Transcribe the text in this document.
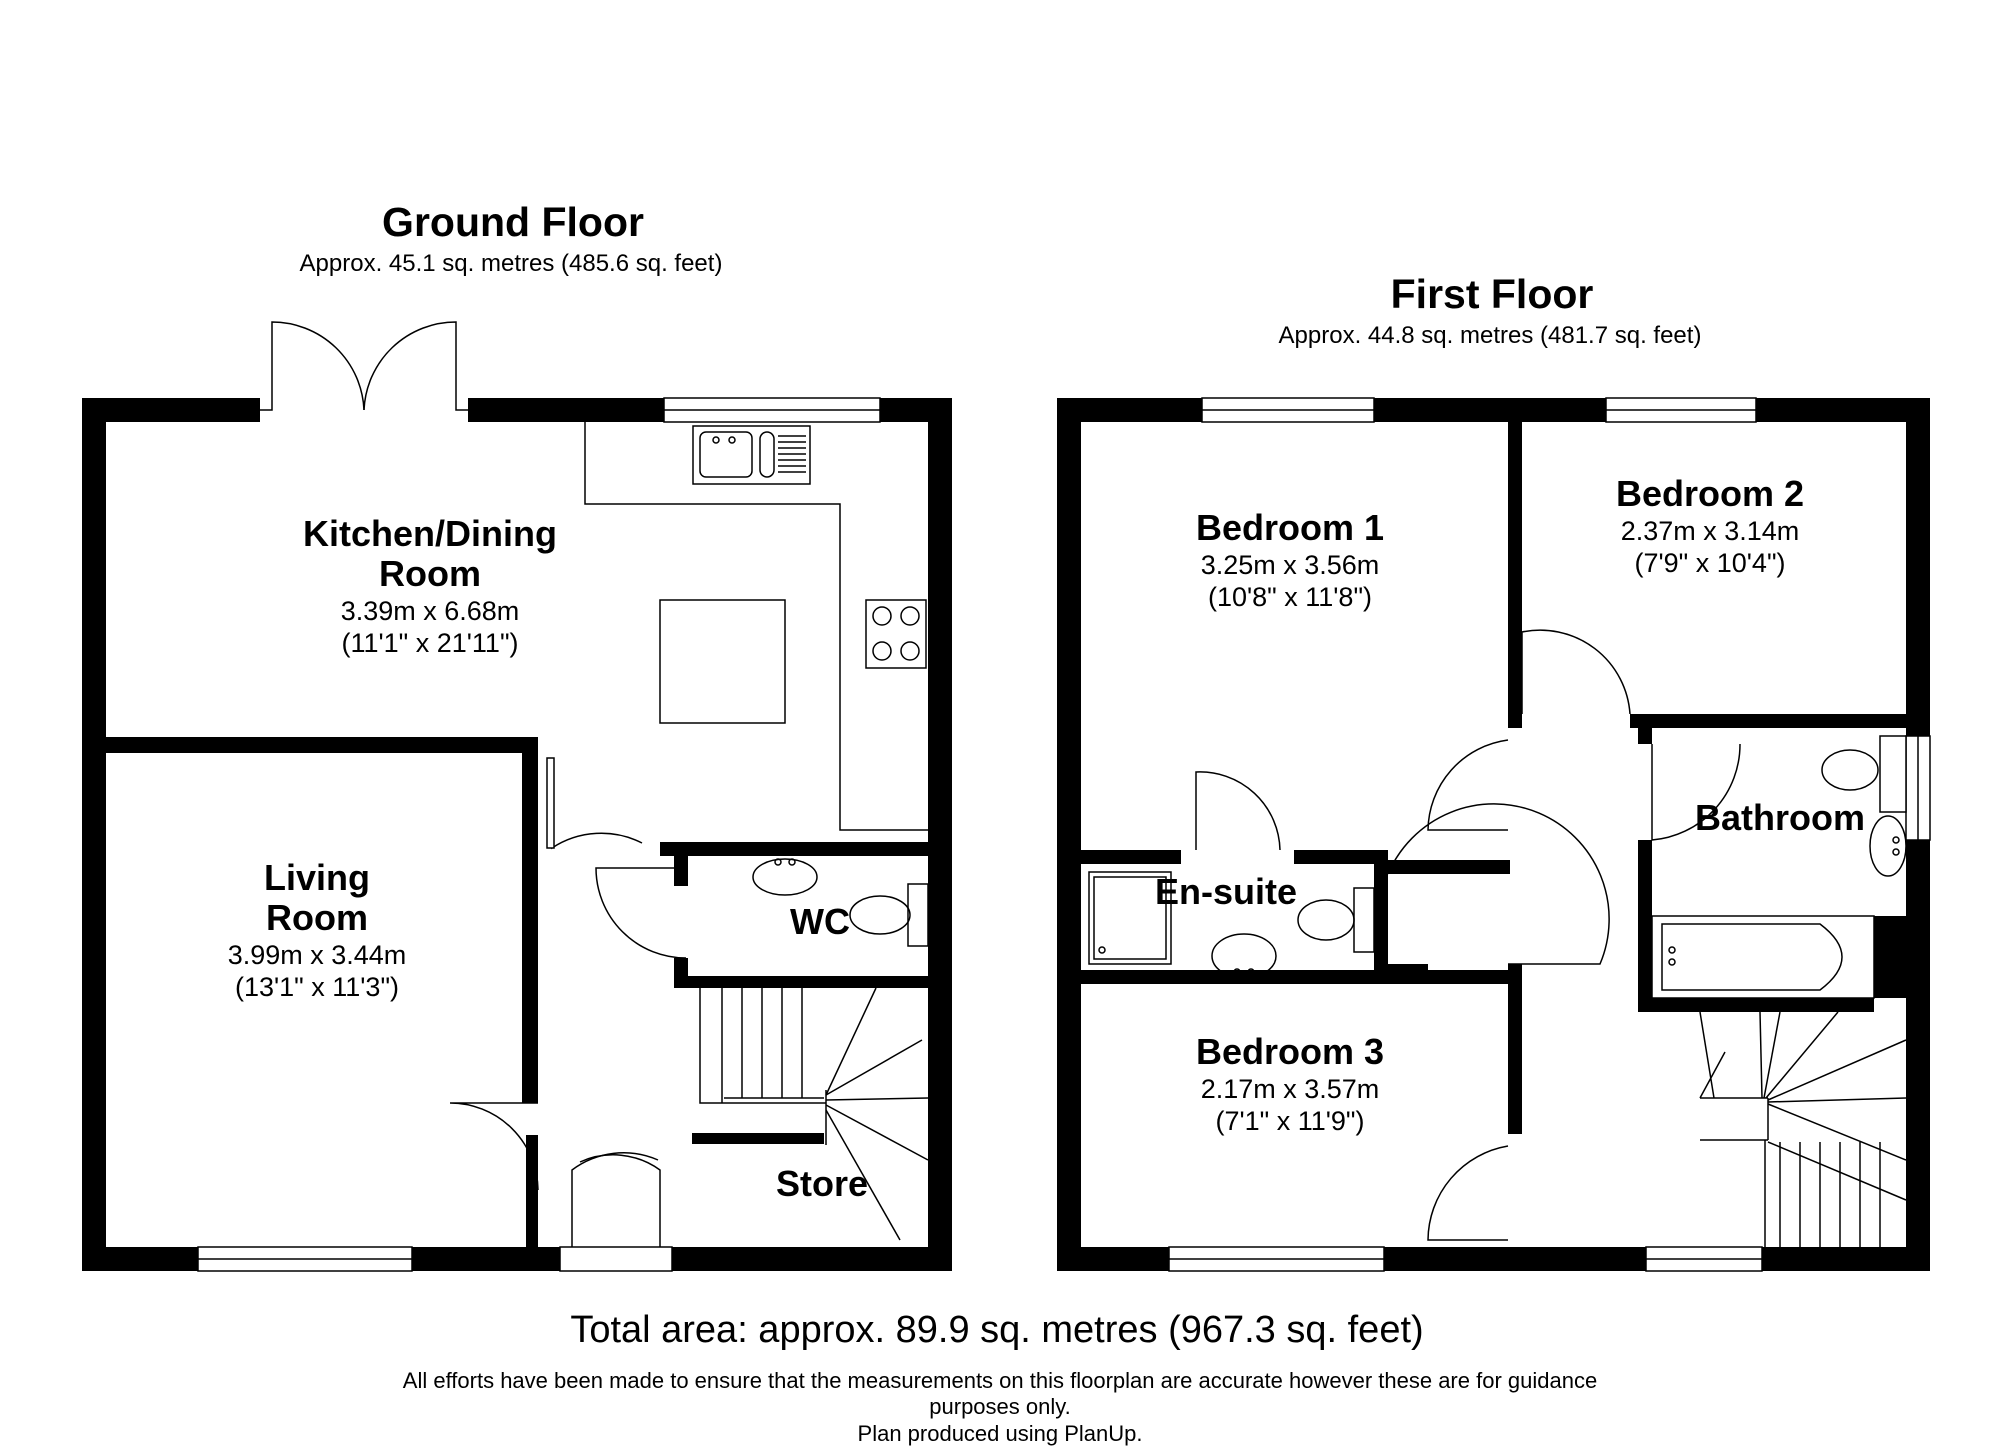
Ground Floor
Approx. 45.1 sq. metres (485.6 sq. feet)
Kitchen/Dining
Room
3.39m x 6.68m
(11'1" x 21'11")
Living
Room
3.99m x 3.44m
(13'1" x 11'3")
WC
Store
First Floor
Approx. 44.8 sq. metres (481.7 sq. feet)
Bedroom 1
3.25m x 3.56m
(10'8" x 11'8")
Bedroom 2
2.37m x 3.14m
(7'9" x 10'4")
Bedroom 3
2.17m x 3.57m
(7'1" x 11'9")
En-suite
Bathroom
Total area: approx. 89.9 sq. metres (967.3 sq. feet)
All efforts have been made to ensure that the measurements on this floorplan are accurate however these are for guidance
purposes only.
Plan produced using PlanUp.
